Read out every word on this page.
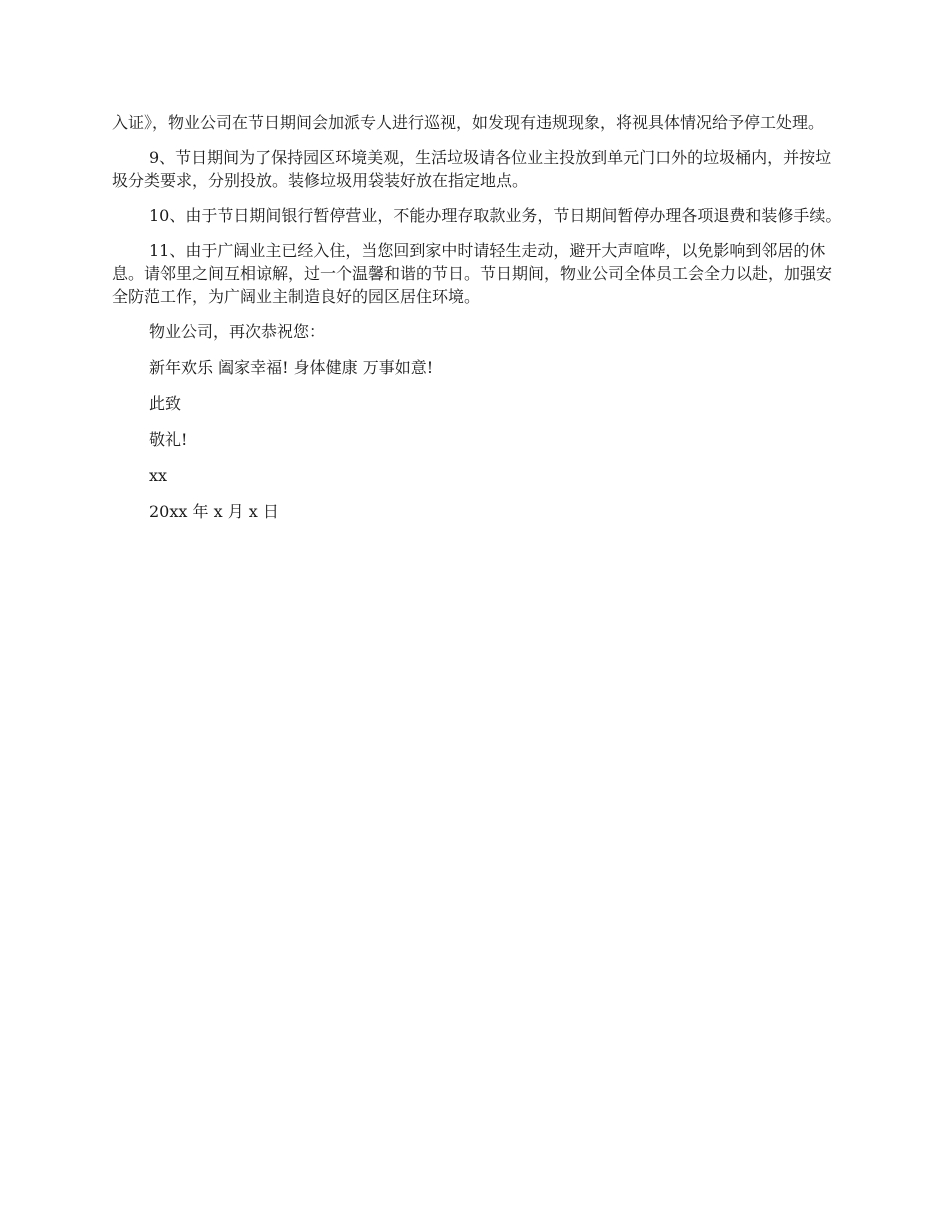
入证》，物业公司在节日期间会加派专人进行巡视，如发现有违规现象，将视具体情况给予停工处理。

9、节日期间为了保持园区环境美观，生活垃圾请各位业主投放到单元门口外的垃圾桶内，并按垃圾分类要求，分别投放。装修垃圾用袋装好放在指定地点。

10、由于节日期间银行暂停营业，不能办理存取款业务，节日期间暂停办理各项退费和装修手续。

11、由于广阔业主已经入住，当您回到家中时请轻生走动，避开大声喧哗，以免影响到邻居的休息。请邻里之间互相谅解，过一个温馨和谐的节日。节日期间，物业公司全体员工会全力以赴，加强安全防范工作，为广阔业主制造良好的园区居住环境。

物业公司，再次恭祝您：
新年欢乐 阖家幸福! 身体健康 万事如意!
此致
敬礼!
xx
20xx 年 x 月 x 日
